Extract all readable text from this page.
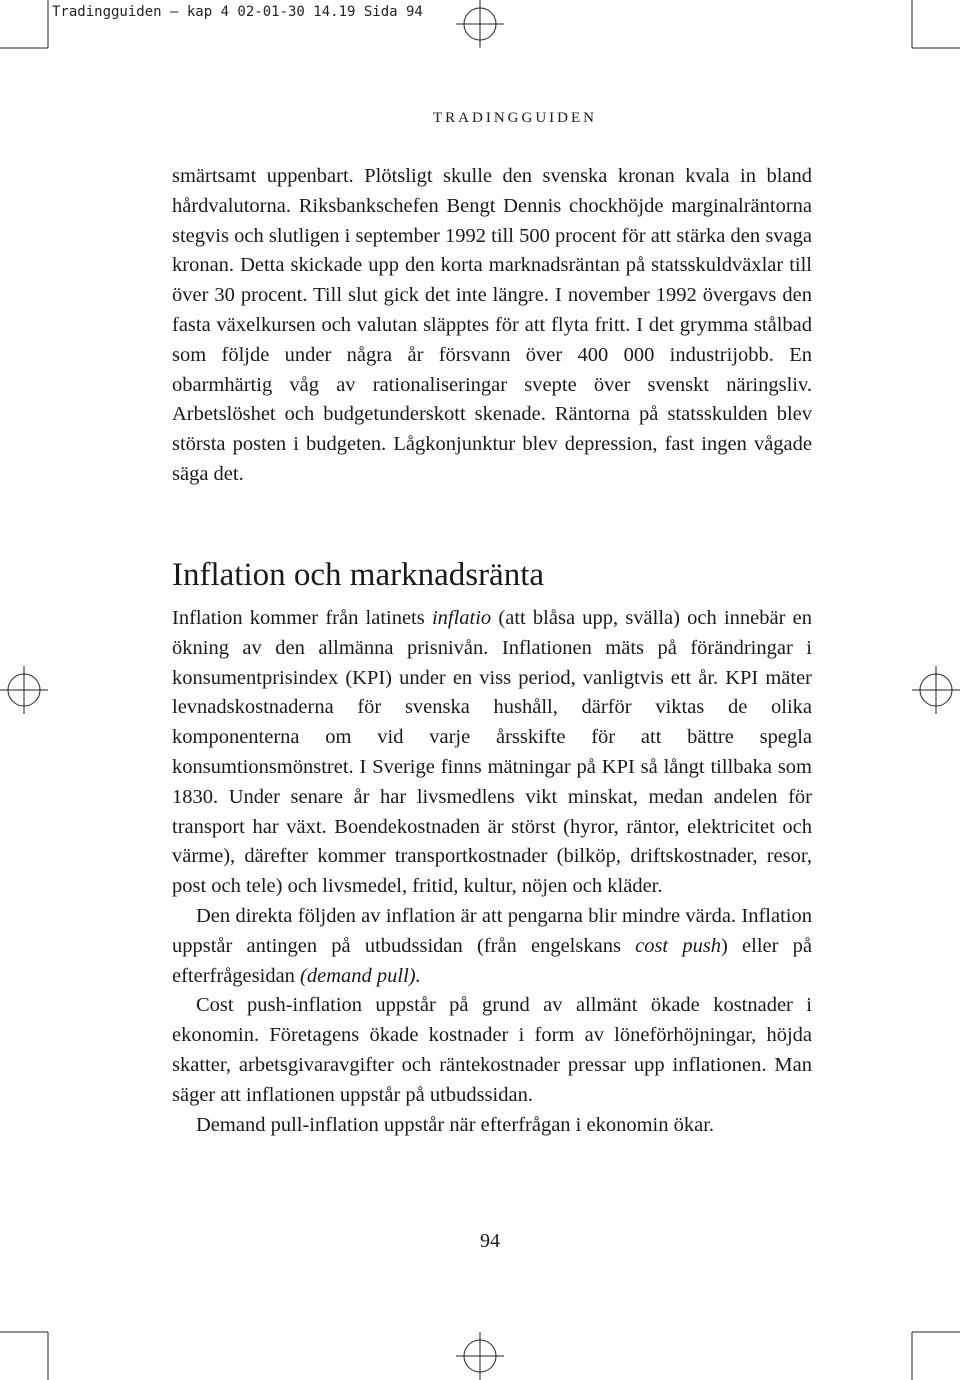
Tradingguiden – kap 4 02-01-30 14.19 Sida 94
TRADINGGUIDEN

smärtsamt uppenbart. Plötsligt skulle den svenska kronan kvala in bland hårdvalutorna. Riksbankschefen Bengt Dennis chockhöjde marginalräntorna stegvis och slutligen i september 1992 till 500 procent för att stärka den svaga kronan. Detta skickade upp den korta marknadsräntan på statsskuldväxlar till över 30 procent. Till slut gick det inte längre. I november 1992 övergavs den fasta växelkursen och valutan släpptes för att flyta fritt. I det grymma stålbad som följde under några år försvann över 400 000 industrijobb. En obarmhärtig våg av rationaliseringar svepte över svenskt näringsliv. Arbetslöshet och budgetunderskott skenade. Räntorna på statsskulden blev största posten i budgeten. Lågkonjunktur blev depression, fast ingen vågade säga det.

Inflation och marknadsränta

Inflation kommer från latinets inflatio (att blåsa upp, svälla) och innebär en ökning av den allmänna prisnivån. Inflationen mäts på förändringar i konsumentprisindex (KPI) under en viss period, vanligtvis ett år. KPI mäter levnadskostnaderna för svenska hushåll, därför viktas de olika komponenterna om vid varje årsskifte för att bättre spegla konsumtionsmönstret. I Sverige finns mätningar på KPI så långt tillbaka som 1830. Under senare år har livsmedlens vikt minskat, medan andelen för transport har växt. Boendekostnaden är störst (hyror, räntor, elektricitet och värme), därefter kommer transportkostnader (bilköp, driftskostnader, resor, post och tele) och livsmedel, fritid, kultur, nöjen och kläder.

Den direkta följden av inflation är att pengarna blir mindre värda. Inflation uppstår antingen på utbudssidan (från engelskans cost push) eller på efterfrågesidan (demand pull).

Cost push-inflation uppstår på grund av allmänt ökade kostnader i ekonomin. Företagens ökade kostnader i form av löneförhöjningar, höjda skatter, arbetsgivaravgifter och räntekostnader pressar upp inflationen. Man säger att inflationen uppstår på utbudssidan.

Demand pull-inflation uppstår när efterfrågan i ekonomin ökar.

94
